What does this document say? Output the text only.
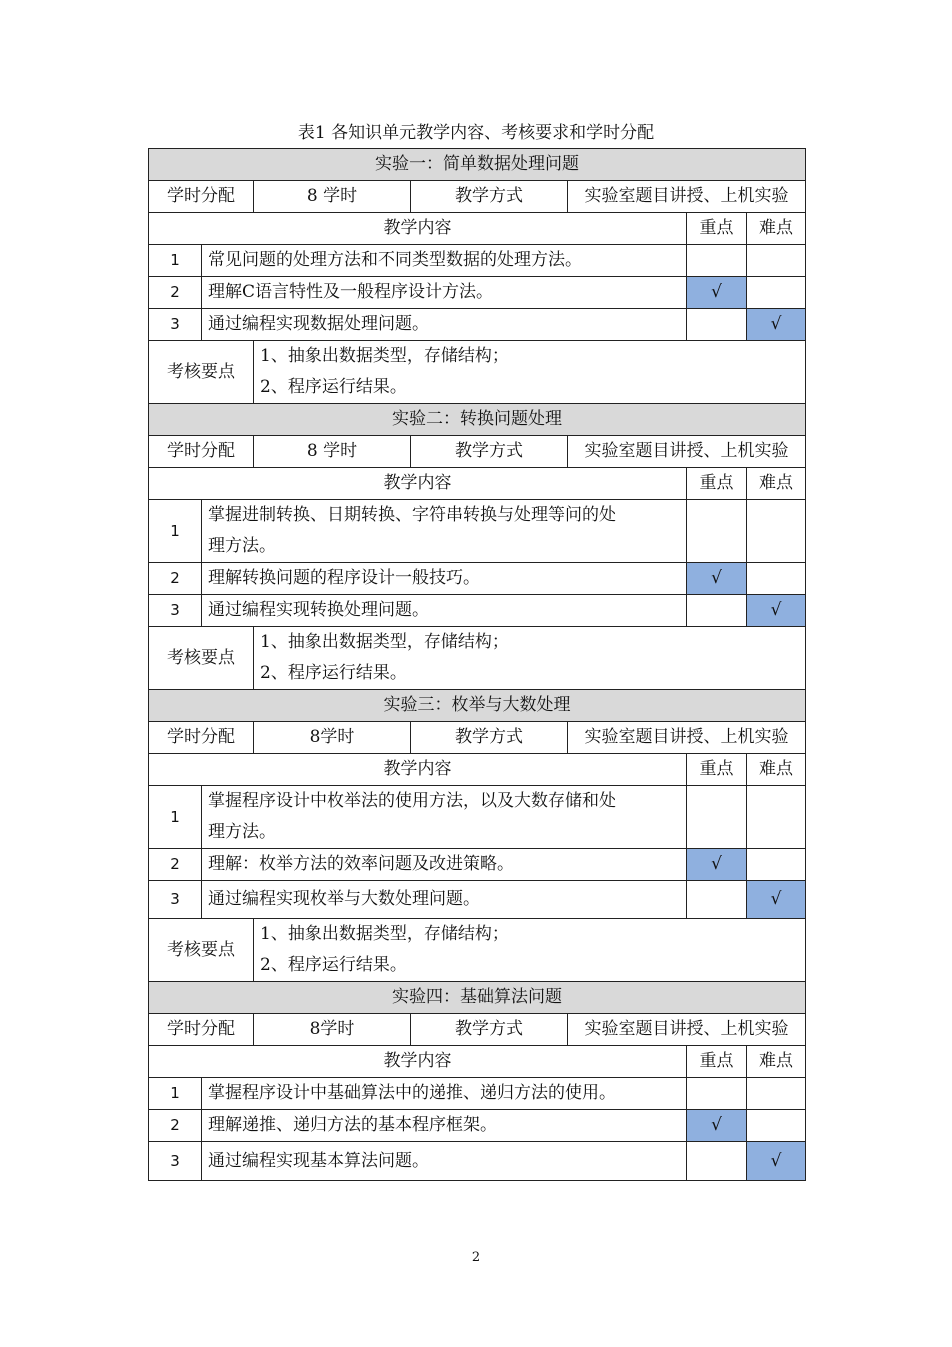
表1 各知识单元教学内容、考核要求和学时分配
实验一：简单数据处理问题						
学时分配		8 学时	教学方式	实验室题目讲授、上机实验		
教学内容					重点	难点
1	常见问题的处理方法和不同类型数据的处理方法。					
2	理解C语言特性及一般程序设计方法。				√	
3	通过编程实现数据处理问题。					√
考核要点		1、抽象出数据类型，存储结构；
2、程序运行结果。				

实验二：转换问题处理						
学时分配		8 学时	教学方式	实验室题目讲授、上机实验		
教学内容					重点	难点
1	掌握进制转换、日期转换、字符串转换与处理等问的处
理方法。					

2	理解转换问题的程序设计一般技巧。				√	
3	通过编程实现转换处理问题。					√
考核要点		1、抽象出数据类型，存储结构；
2、程序运行结果。				

实验三：枚举与大数处理						
学时分配		8学时	教学方式	实验室题目讲授、上机实验		
教学内容					重点	难点
1	掌握程序设计中枚举法的使用方法，以及大数存储和处
理方法。					

2	理解：枚举方法的效率问题及改进策略。				√	
3	通过编程实现枚举与大数处理问题。					√
考核要点		1、抽象出数据类型，存储结构；
2、程序运行结果。				

实验四：基础算法问题						
学时分配		8学时	教学方式	实验室题目讲授、上机实验		
教学内容					重点	难点
1	掌握程序设计中基础算法中的递推、递归方法的使用。					
2	理解递推、递归方法的基本程序框架。				√	
3	通过编程实现基本算法问题。					√
2
